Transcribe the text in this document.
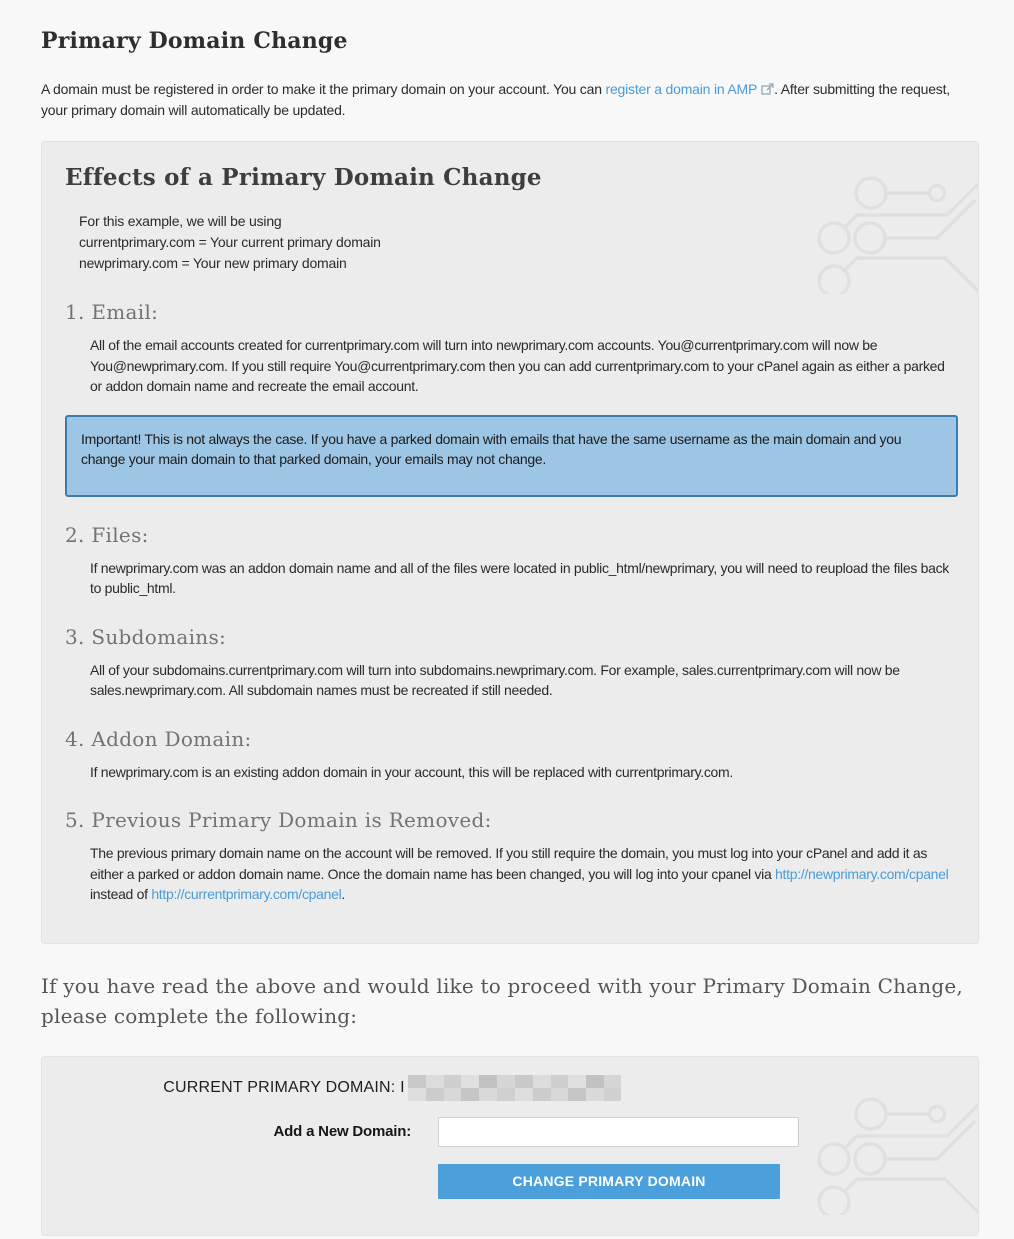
Primary Domain Change

A domain must be registered in order to make it the primary domain on your account. You can register a domain in AMP . After submitting the request, your primary domain will automatically be updated.

Effects of a Primary Domain Change
For this example, we will be using
currentprimary.com = Your current primary domain
newprimary.com = Your new primary domain
1. Email:

All of the email accounts created for currentprimary.com will turn into newprimary.com accounts. You@currentprimary.com will now be You@newprimary.com. If you still require You@currentprimary.com then you can add currentprimary.com to your cPanel again as either a parked or addon domain name and recreate the email account.

Important! This is not always the case. If you have a parked domain with emails that have the same username as the main domain and you change your main domain to that parked domain, your emails may not change.
2. Files:

If newprimary.com was an addon domain name and all of the files were located in public_html/newprimary, you will need to reupload the files back to public_html.

3. Subdomains:

All of your subdomains.currentprimary.com will turn into subdomains.newprimary.com. For example, sales.currentprimary.com will now be sales.newprimary.com. All subdomain names must be recreated if still needed.

4. Addon Domain:

If newprimary.com is an existing addon domain in your account, this will be replaced with currentprimary.com.

5. Previous Primary Domain is Removed:

The previous primary domain name on the account will be removed. If you still require the domain, you must log into your cPanel and add it as either a parked or addon domain name. Once the domain name has been changed, you will log into your cpanel via http://newprimary.com/cpanel instead of http://currentprimary.com/cpanel.

If you have read the above and would like to proceed with your Primary Domain Change, please complete the following:

CURRENT PRIMARY DOMAIN: I
Add a New Domain:
CHANGE PRIMARY DOMAIN
